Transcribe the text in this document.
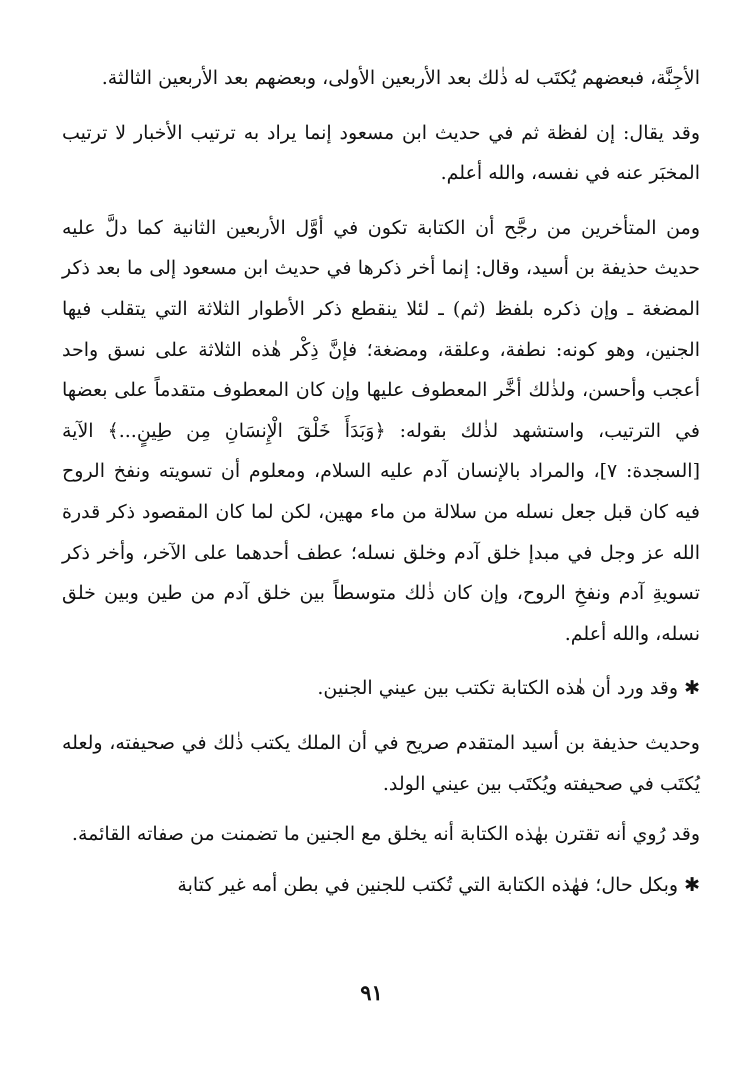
الأجِنَّة، فبعضهم يُكتَب له ذٰلك بعد الأربعين الأولى، وبعضهم بعد الأربعين الثالثة.

وقد يقال: إن لفظة ثم في حديث ابن مسعود إنما يراد به ترتيب الأخبار لا ترتيب المخبَر عنه في نفسه، والله أعلم.

ومن المتأخرين من رجَّح أن الكتابة تكون في أوَّل الأربعين الثانية كما دلَّ عليه حديث حذيفة بن أسيد، وقال: إنما أخر ذكرها في حديث ابن مسعود إلى ما بعد ذكر المضغة ـ وإن ذكره بلفظ (ثم) ـ لئلا ينقطع ذكر الأطوار الثلاثة التي يتقلب فيها الجنين، وهو كونه: نطفة، وعلقة، ومضغة؛ فإنَّ ذِكْر هٰذه الثلاثة على نسق واحد أعجب وأحسن، ولذٰلك أخَّر المعطوف عليها وإن كان المعطوف متقدماً على بعضها في الترتيب، واستشهد لذٰلك بقوله: ﴿وَبَدَأَ خَلْقَ الْإِنسَانِ مِن طِينٍ...﴾ الآية [السجدة: ٧]، والمراد بالإنسان آدم عليه السلام، ومعلوم أن تسويته ونفخ الروح فيه كان قبل جعل نسله من سلالة من ماء مهين، لكن لما كان المقصود ذكر قدرة الله عز وجل في مبدإ خلق آدم وخلق نسله؛ عطف أحدهما على الآخر، وأخر ذكر تسويةِ آدم ونفخِ الروح، وإن كان ذٰلك متوسطاً بين خلق آدم من طين وبين خلق نسله، والله أعلم.

✱وقد ورد أن هٰذه الكتابة تكتب بين عيني الجنين.

وحديث حذيفة بن أسيد المتقدم صريح في أن الملك يكتب ذٰلك في صحيفته، ولعله يُكتَب في صحيفته ويُكتَب بين عيني الولد.

وقد رُوي أنه تقترن بهٰذه الكتابة أنه يخلق مع الجنين ما تضمنت من صفاته القائمة.

✱وبكل حال؛ فهٰذه الكتابة التي تُكتب للجنين في بطن أمه غير كتابة

٩١
